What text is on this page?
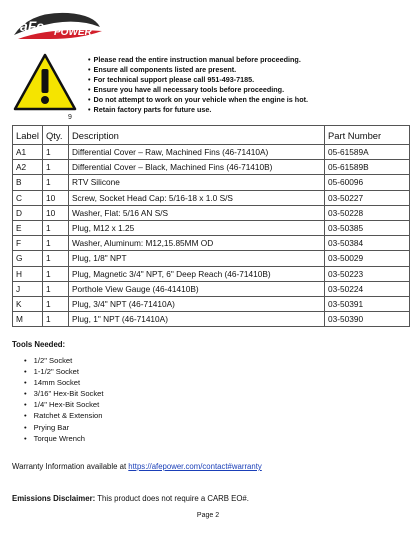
aFe POWER
9
• Please read the entire instruction manual before proceeding.
• Ensure all components listed are present.
• For technical support please call 951-493-7185.
• Ensure you have all necessary tools before proceeding.
• Do not attempt to work on your vehicle when the engine is hot.
• Retain factory parts for future use.
Label	Qty.	Description	Part Number
A1	1	Differential Cover – Raw, Machined Fins (46-71410A)	05-61589A
A2	1	Differential Cover – Black, Machined Fins (46-71410B)	05-61589B
B	1	RTV Silicone	05-60096
C	10	Screw, Socket Head Cap: 5/16-18 x 1.0 S/S	03-50227
D	10	Washer, Flat: 5/16 AN S/S	03-50228
E	1	Plug, M12 x 1.25	03-50385
F	1	Washer, Aluminum: M12,15.85MM OD	03-50384
G	1	Plug, 1/8" NPT	03-50029
H	1	Plug, Magnetic 3/4" NPT, 6" Deep Reach (46-71410B)	03-50223
J	1	Porthole View Gauge (46-41410B)	03-50224
K	1	Plug, 3/4" NPT (46-71410A)	03-50391
M	1	Plug, 1" NPT (46-71410A)	03-50390

Tools Needed:

• 1/2" Socket
• 1-1/2" Socket
• 14mm Socket
• 3/16" Hex-Bit Socket
• 1/4" Hex-Bit Socket
• Ratchet & Extension
• Prying Bar
• Torque Wrench
Warranty Information available at https://afepower.com/contact#warranty
Emissions Disclaimer: This product does not require a CARB EO#.
Page 2
